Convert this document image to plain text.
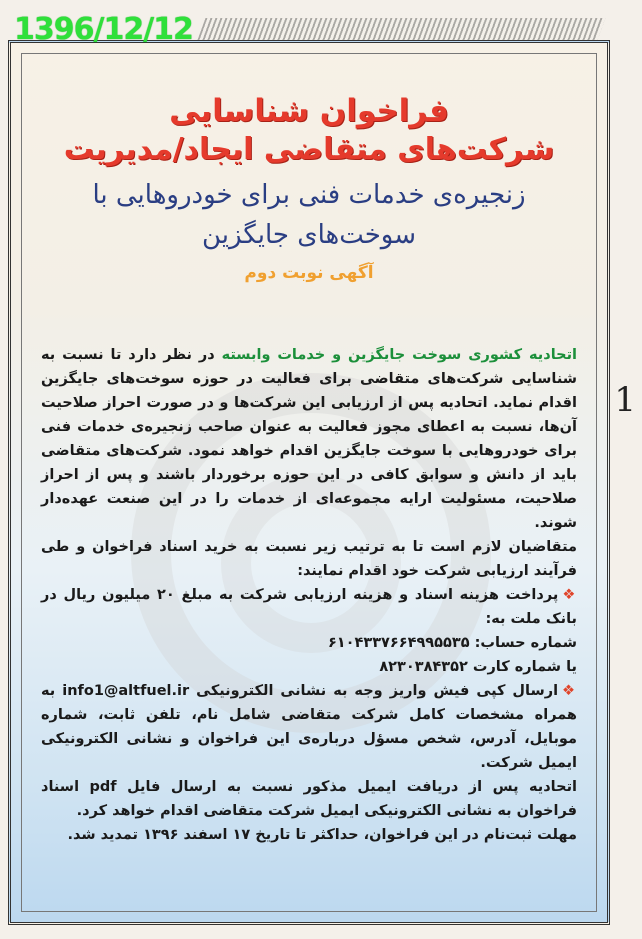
1396/12/12
1
فراخوان شناسایی
شرکت‌های متقاضی ایجاد/مدیریت
زنجیره‌ی خدمات فنی برای خودروهایی با
سوخت‌های جایگزین
آگهی نوبت دوم

اتحادیه کشوری سوخت جایگزین و خدمات وابسته در نظر دارد تا نسبت به شناسایی شرکت‌های متقاضی برای فعالیت در حوزه سوخت‌های جایگزین اقدام نماید. اتحادیه پس از ارزیابی این شرکت‌ها و در صورت احراز صلاحیت آن‌ها، نسبت به اعطای مجوز فعالیت به عنوان صاحب زنجیره‌ی خدمات فنی برای خودروهایی با سوخت جایگزین اقدام خواهد نمود. شرکت‌های متقاضی باید از دانش و سوابق کافی در این حوزه برخوردار باشند و پس از احراز صلاحیت، مسئولیت ارایه مجموعه‌ای از خدمات را در این صنعت عهده‌دار شوند.

متقاضیان لازم است تا به ترتیب زیر نسبت به خرید اسناد فراخوان و طی فرآیند ارزیابی شرکت خود اقدام نمایند:

❖پرداخت هزینه اسناد و هزینه ارزیابی شرکت به مبلغ ۲۰ میلیون ریال در بانک ملت به:

شماره حساب: ۶۱۰۴۳۳۷۶۶۴۹۹۵۵۳۵

یا شماره کارت ۸۲۳۰۳۸۴۳۵۲

❖ارسال کپی فیش واریز وجه به نشانی الکترونیکی info1@altfuel.ir به همراه مشخصات کامل شرکت متقاضی شامل نام، تلفن ثابت، شماره موبایل، آدرس، شخص مسؤل درباره‌ی این فراخوان و نشانی الکترونیکی ایمیل شرکت.

اتحادیه پس از دریافت ایمیل مذکور نسبت به ارسال فایل pdf اسناد فراخوان به نشانی الکترونیکی ایمیل شرکت متقاضی اقدام خواهد کرد.

مهلت ثبت‌نام در این فراخوان، حداکثر تا تاریخ ۱۷ اسفند ۱۳۹۶ تمدید شد.
